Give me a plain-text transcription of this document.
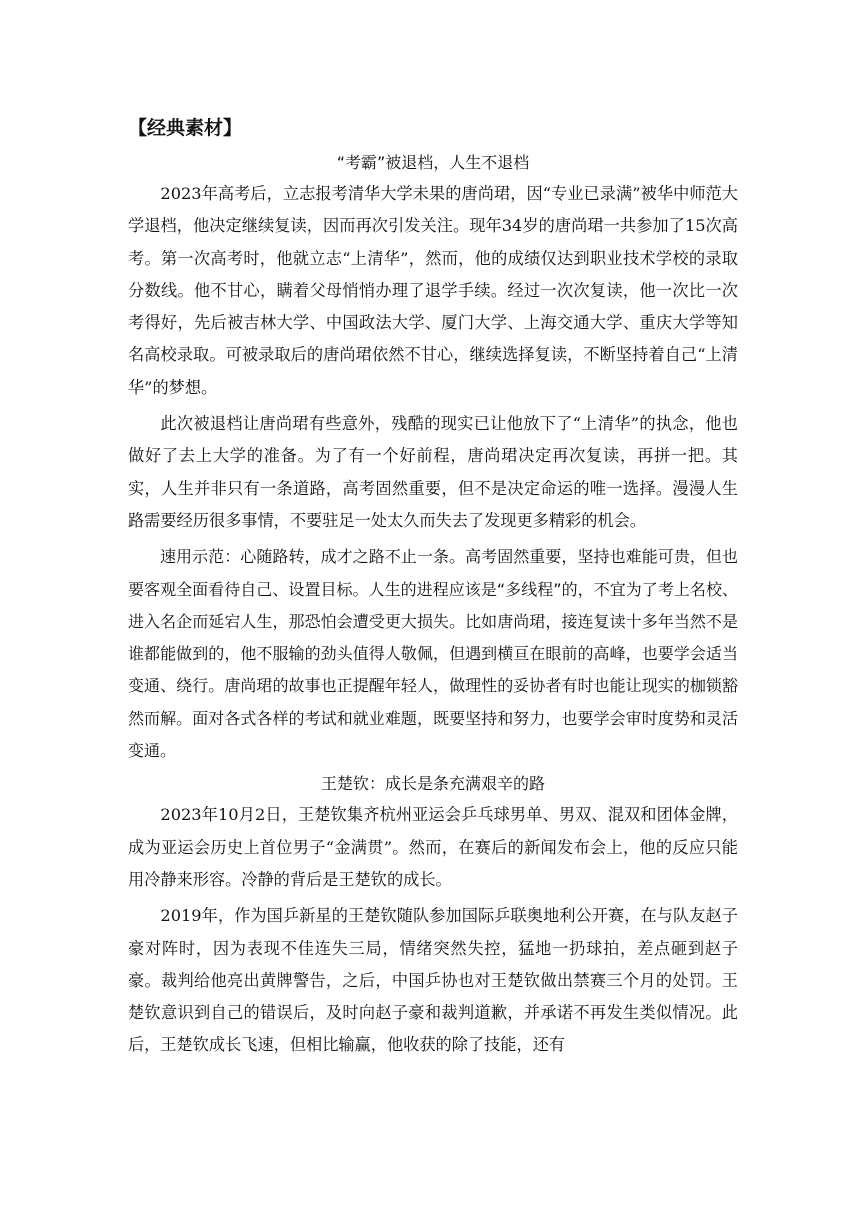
【经典素材】
“考霸”被退档，人生不退档

2023年高考后，立志报考清华大学未果的唐尚珺，因“专业已录满”被华中师范大学退档，他决定继续复读，因而再次引发关注。现年34岁的唐尚珺一共参加了15次高考。第一次高考时，他就立志“上清华”，然而，他的成绩仅达到职业技术学校的录取分数线。他不甘心，瞒着父母悄悄办理了退学手续。经过一次次复读，他一次比一次考得好，先后被吉林大学、中国政法大学、厦门大学、上海交通大学、重庆大学等知名高校录取。可被录取后的唐尚珺依然不甘心，继续选择复读，不断坚持着自己“上清华”的梦想。

此次被退档让唐尚珺有些意外，残酷的现实已让他放下了“上清华”的执念，他也做好了去上大学的准备。为了有一个好前程，唐尚珺决定再次复读，再拼一把。其实，人生并非只有一条道路，高考固然重要，但不是决定命运的唯一选择。漫漫人生路需要经历很多事情，不要驻足一处太久而失去了发现更多精彩的机会。

速用示范：心随路转，成才之路不止一条。高考固然重要，坚持也难能可贵，但也要客观全面看待自己、设置目标。人生的进程应该是“多线程”的，不宜为了考上名校、进入名企而延宕人生，那恐怕会遭受更大损失。比如唐尚珺，接连复读十多年当然不是谁都能做到的，他不服输的劲头值得人敬佩，但遇到横亘在眼前的高峰，也要学会适当变通、绕行。唐尚珺的故事也正提醒年轻人，做理性的妥协者有时也能让现实的枷锁豁然而解。面对各式各样的考试和就业难题，既要坚持和努力，也要学会审时度势和灵活变通。

王楚钦：成长是条充满艰辛的路

2023年10月2日，王楚钦集齐杭州亚运会乒乓球男单、男双、混双和团体金牌，成为亚运会历史上首位男子“金满贯”。然而，在赛后的新闻发布会上，他的反应只能用冷静来形容。冷静的背后是王楚钦的成长。

2019年，作为国乒新星的王楚钦随队参加国际乒联奥地利公开赛，在与队友赵子豪对阵时，因为表现不佳连失三局，情绪突然失控，猛地一扔球拍，差点砸到赵子豪。裁判给他亮出黄牌警告，之后，中国乒协也对王楚钦做出禁赛三个月的处罚。王楚钦意识到自己的错误后，及时向赵子豪和裁判道歉，并承诺不再发生类似情况。此后，王楚钦成长飞速，但相比输赢，他收获的除了技能，还有
